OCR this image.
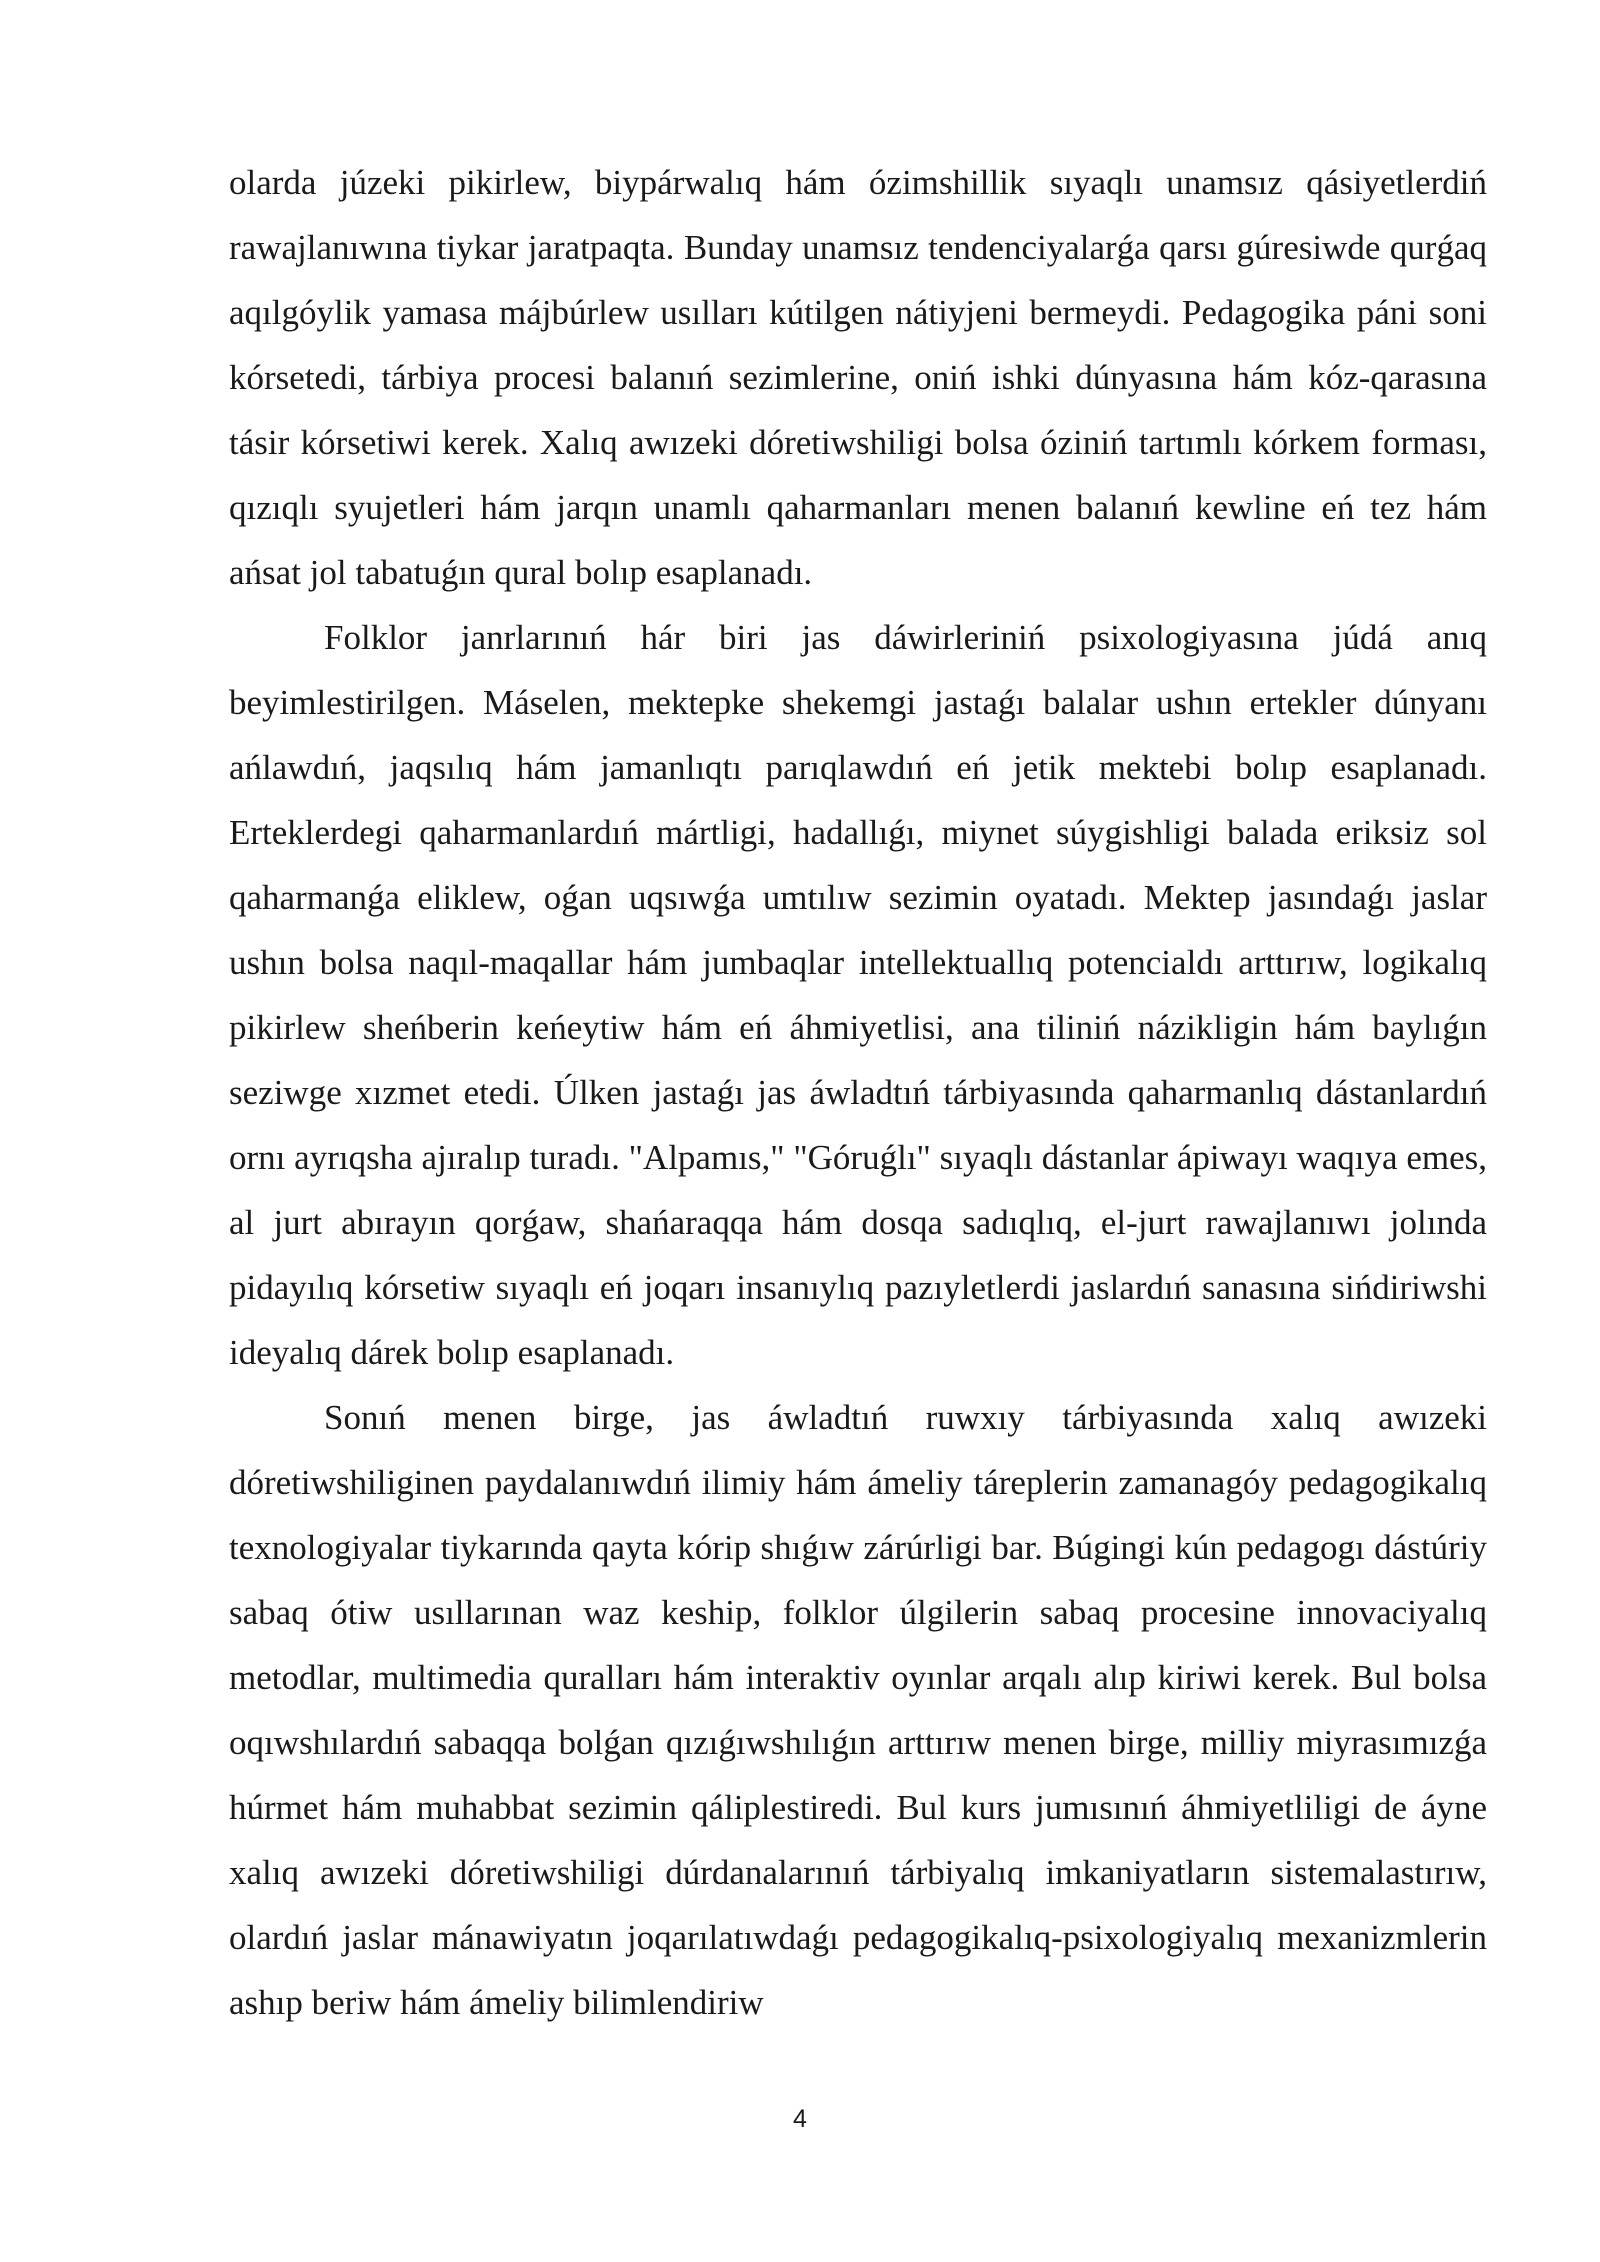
olarda júzeki pikirlew, biypárwalıq hám ózimshillik sıyaqlı unamsız qásiyetlerdiń rawajlanıwına tiykar jaratpaqta. Bunday unamsız tendenciyalarǵa qarsı gúresiwde qurǵaq aqılgóylik yamasa májbúrlew usılları kútilgen nátiyjeni bermeydi. Pedagogika páni soni kórsetedi, tárbiya procesi balanıń sezimlerine, oniń ishki dúnyasına hám kóz-qarasına tásir kórsetiwi kerek. Xalıq awızeki dóretiwshiligi bolsa óziniń tartımlı kórkem forması, qızıqlı syujetleri hám jarqın unamlı qaharmanları menen balanıń kewline eń tez hám ańsat jol tabatuǵın qural bolıp esaplanadı.

Folklor janrlarınıń hár biri jas dáwirleriniń psixologiyasına júdá anıq beyimlestirilgen. Máselen, mektepke shekemgi jastaǵı balalar ushın ertekler dúnyanı ańlawdıń, jaqsılıq hám jamanlıqtı parıqlawdıń eń jetik mektebi bolıp esaplanadı. Erteklerdegi qaharmanlardıń mártligi, hadallıǵı, miynet súygishligi balada eriksiz sol qaharmanǵa eliklew, oǵan uqsıwǵa umtılıw sezimin oyatadı. Mektep jasındaǵı jaslar ushın bolsa naqıl-maqallar hám jumbaqlar intellektuallıq potencialdı arttırıw, logikalıq pikirlew sheńberin keńeytiw hám eń áhmiyetlisi, ana tiliniń názikligin hám baylıǵın seziwge xızmet etedi. Úlken jastaǵı jas áwladtıń tárbiyasında qaharmanlıq dástanlardıń ornı ayrıqsha ajıralıp turadı. "Alpamıs," "Góruǵlı" sıyaqlı dástanlar ápiwayı waqıya emes, al jurt abırayın qorǵaw, shańaraqqa hám dosqa sadıqlıq, el-jurt rawajlanıwı jolında pidayılıq kórsetiw sıyaqlı eń joqarı insanıylıq pazıyletlerdi jaslardıń sanasına sińdiriwshi ideyalıq dárek bolıp esaplanadı.

Sonıń menen birge, jas áwladtıń ruwxıy tárbiyasında xalıq awızeki dóretiwshiliginen paydalanıwdıń ilimiy hám ámeliy táreplerin zamanagóy pedagogikalıq texnologiyalar tiykarında qayta kórip shıǵıw zárúrligi bar. Búgingi kún pedagogı dástúriy sabaq ótiw usıllarınan waz keship, folklor úlgilerin sabaq procesine innovaciyalıq metodlar, multimedia quralları hám interaktiv oyınlar arqalı alıp kiriwi kerek. Bul bolsa oqıwshılardıń sabaqqa bolǵan qızıǵıwshılıǵın arttırıw menen birge, milliy miyrasımızǵa húrmet hám muhabbat sezimin qáliplestiredi. Bul kurs jumısınıń áhmiyetliligi de áyne xalıq awızeki dóretiwshiligi dúrdanalarınıń tárbiyalıq imkaniyatların sistemalastırıw, olardıń jaslar mánawiyatın joqarılatıwdaǵı pedagogikalıq-psixologiyalıq mexanizmlerin ashıp beriw hám ámeliy bilimlendiriw

4
